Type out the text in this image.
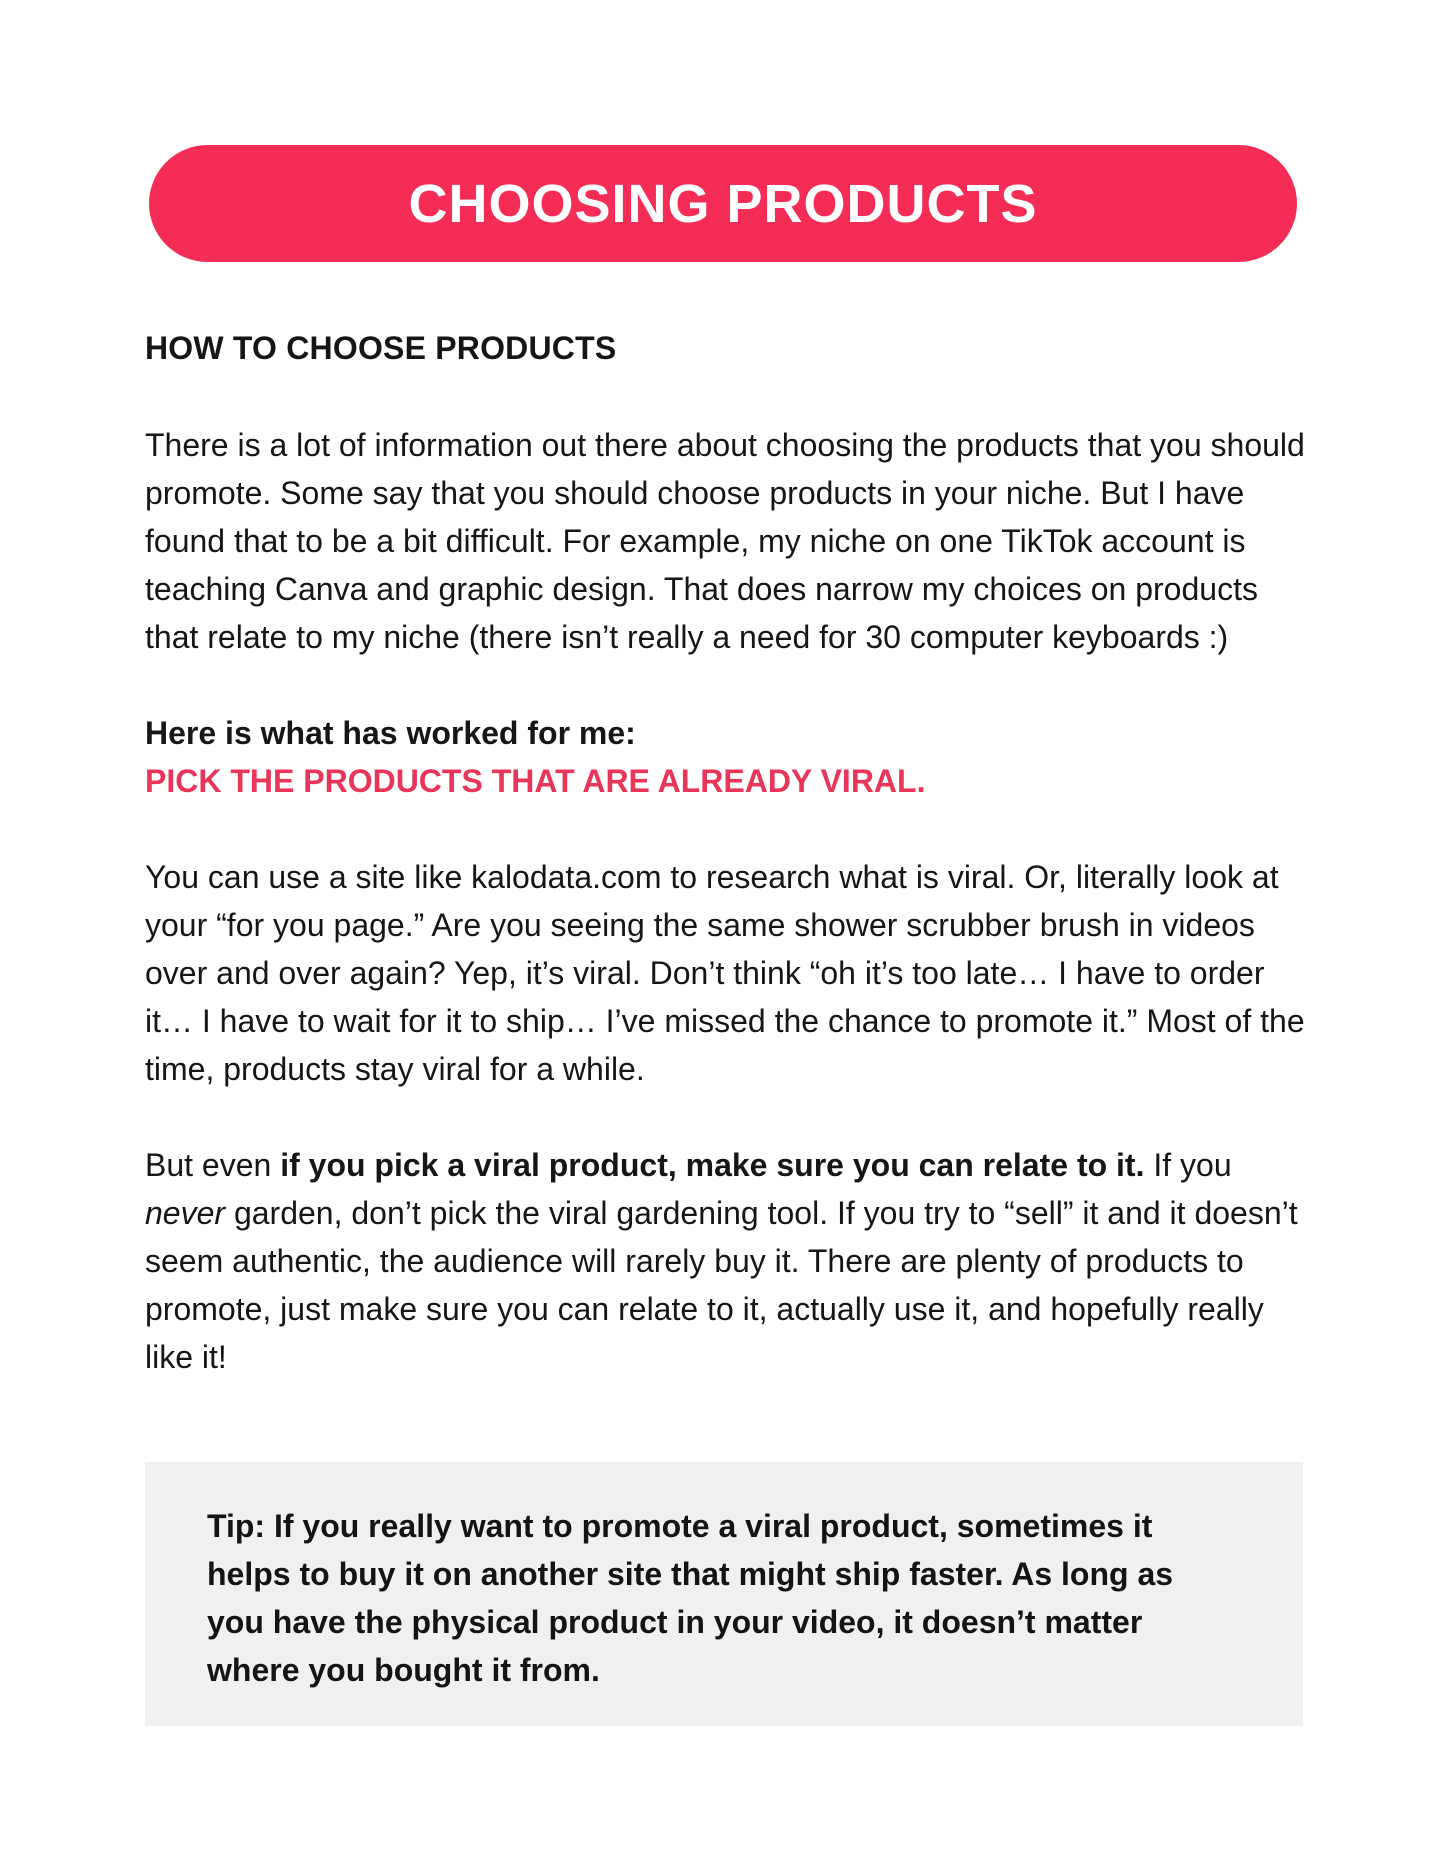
CHOOSING PRODUCTS
HOW TO CHOOSE PRODUCTS

There is a lot of information out there about choosing the products that you should promote. Some say that you should choose products in your niche. But I have found that to be a bit difficult. For example, my niche on one TikTok account is teaching Canva and graphic design. That does narrow my choices on products that relate to my niche (there isn’t really a need for 30 computer keyboards :)

Here is what has worked for me:
PICK THE PRODUCTS THAT ARE ALREADY VIRAL.

You can use a site like kalodata.com to research what is viral. Or, literally look at your “for you page.” Are you seeing the same shower scrubber brush in videos over and over again? Yep, it’s viral. Don’t think “oh it’s too late… I have to order it… I have to wait for it to ship… I’ve missed the chance to promote it.” Most of the time, products stay viral for a while.

But even if you pick a viral product, make sure you can relate to it. If you never garden, don’t pick the viral gardening tool. If you try to “sell” it and it doesn’t seem authentic, the audience will rarely buy it. There are plenty of products to promote, just make sure you can relate to it, actually use it, and hopefully really like it!

Tip: If you really want to promote a viral product, sometimes it helps to buy it on another site that might ship faster. As long as you have the physical product in your video, it doesn’t matter where you bought it from.
